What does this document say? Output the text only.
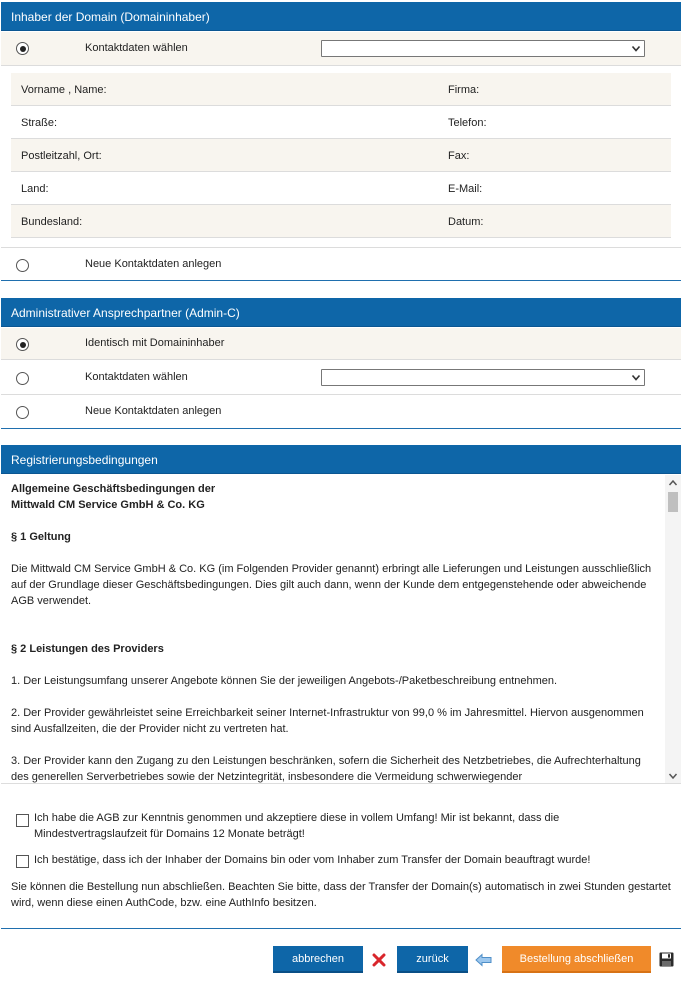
Inhaber der Domain (Domaininhaber)
Kontaktdaten wählen
Vorname , Name:	Firma:
Straße:	Telefon:
Postleitzahl, Ort:	Fax:
Land:	E-Mail:
Bundesland:	Datum:
Neue Kontaktdaten anlegen
Administrativer Ansprechpartner (Admin-C)
Identisch mit Domaininhaber
Kontaktdaten wählen
Neue Kontaktdaten anlegen
Registrierungsbedingungen

Allgemeine Geschäftsbedingungen der

Mittwald CM Service GmbH & Co. KG

§ 1 Geltung

Die Mittwald CM Service GmbH & Co. KG (im Folgenden Provider genannt) erbringt alle Lieferungen und Leistungen ausschließlich auf der Grundlage dieser Geschäftsbedingungen. Dies gilt auch dann, wenn der Kunde dem entgegenstehende oder abweichende AGB verwendet.

§ 2 Leistungen des Providers

1. Der Leistungsumfang unserer Angebote können Sie der jeweiligen Angebots-/Paketbeschreibung entnehmen.

2. Der Provider gewährleistet seine Erreichbarkeit seiner Internet-Infrastruktur von 99,0 % im Jahresmittel. Hiervon ausgenommen sind Ausfallzeiten, die der Provider nicht zu vertreten hat.

3. Der Provider kann den Zugang zu den Leistungen beschränken, sofern die Sicherheit des Netzbetriebes, die Aufrechterhaltung des generellen Serverbetriebes sowie der Netzintegrität, insbesondere die Vermeidung schwerwiegender

Ich habe die AGB zur Kenntnis genommen und akzeptiere diese in vollem Umfang! Mir ist bekannt, dass die Mindestvertragslaufzeit für Domains 12 Monate beträgt!
Ich bestätige, dass ich der Inhaber der Domains bin oder vom Inhaber zum Transfer der Domain beauftragt wurde!
Sie können die Bestellung nun abschließen. Beachten Sie bitte, dass der Transfer der Domain(s) automatisch in zwei Stunden gestartet wird, wenn diese einen AuthCode, bzw. eine AuthInfo besitzen.
abbrechen	zurück	Bestellung abschließen
